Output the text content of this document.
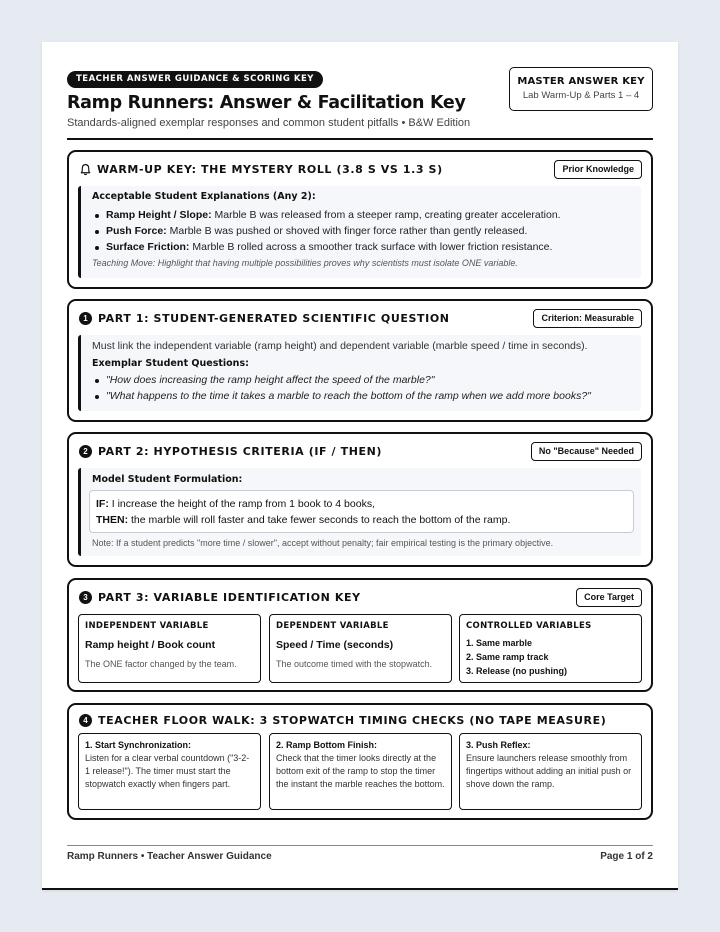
TEACHER ANSWER GUIDANCE & SCORING KEY
Ramp Runners: Answer & Facilitation Key
Standards-aligned exemplar responses and common student pitfalls • B&W Edition
MASTER ANSWER KEY
Lab Warm-Up & Parts 1 – 4
WARM-UP KEY: THE MYSTERY ROLL (3.8 S VS 1.3 S)	Prior Knowledge
Acceptable Student Explanations (Any 2):
Ramp Height / Slope: Marble B was released from a steeper ramp, creating greater acceleration.
Push Force: Marble B was pushed or shoved with finger force rather than gently released.
Surface Friction: Marble B rolled across a smoother track surface with lower friction resistance.
Teaching Move: Highlight that having multiple possibilities proves why scientists must isolate ONE variable.
1 PART 1: STUDENT-GENERATED SCIENTIFIC QUESTION	Criterion: Measurable
Must link the independent variable (ramp height) and dependent variable (marble speed / time in seconds).
Exemplar Student Questions:
"How does increasing the ramp height affect the speed of the marble?"
"What happens to the time it takes a marble to reach the bottom of the ramp when we add more books?"
2 PART 2: HYPOTHESIS CRITERIA (IF / THEN)	No "Because" Needed
Model Student Formulation:
IF: I increase the height of the ramp from 1 book to 4 books,
THEN: the marble will roll faster and take fewer seconds to reach the bottom of the ramp.
Note: If a student predicts "more time / slower", accept without penalty; fair empirical testing is the primary objective.
3 PART 3: VARIABLE IDENTIFICATION KEY	Core Target
INDEPENDENT VARIABLE
Ramp height / Book count
The ONE factor changed by the team.
DEPENDENT VARIABLE
Speed / Time (seconds)
The outcome timed with the stopwatch.
CONTROLLED VARIABLES
1. Same marble
2. Same ramp track
3. Release (no pushing)
4 TEACHER FLOOR WALK: 3 STOPWATCH TIMING CHECKS (NO TAPE MEASURE)
1. Start Synchronization:
Listen for a clear verbal countdown ("3-2-1 release!"). The timer must start the stopwatch exactly when fingers part.
2. Ramp Bottom Finish:
Check that the timer looks directly at the bottom exit of the ramp to stop the timer the instant the marble reaches the bottom.
3. Push Reflex:
Ensure launchers release smoothly from fingertips without adding an initial push or shove down the ramp.
Ramp Runners • Teacher Answer Guidance	Page 1 of 2
